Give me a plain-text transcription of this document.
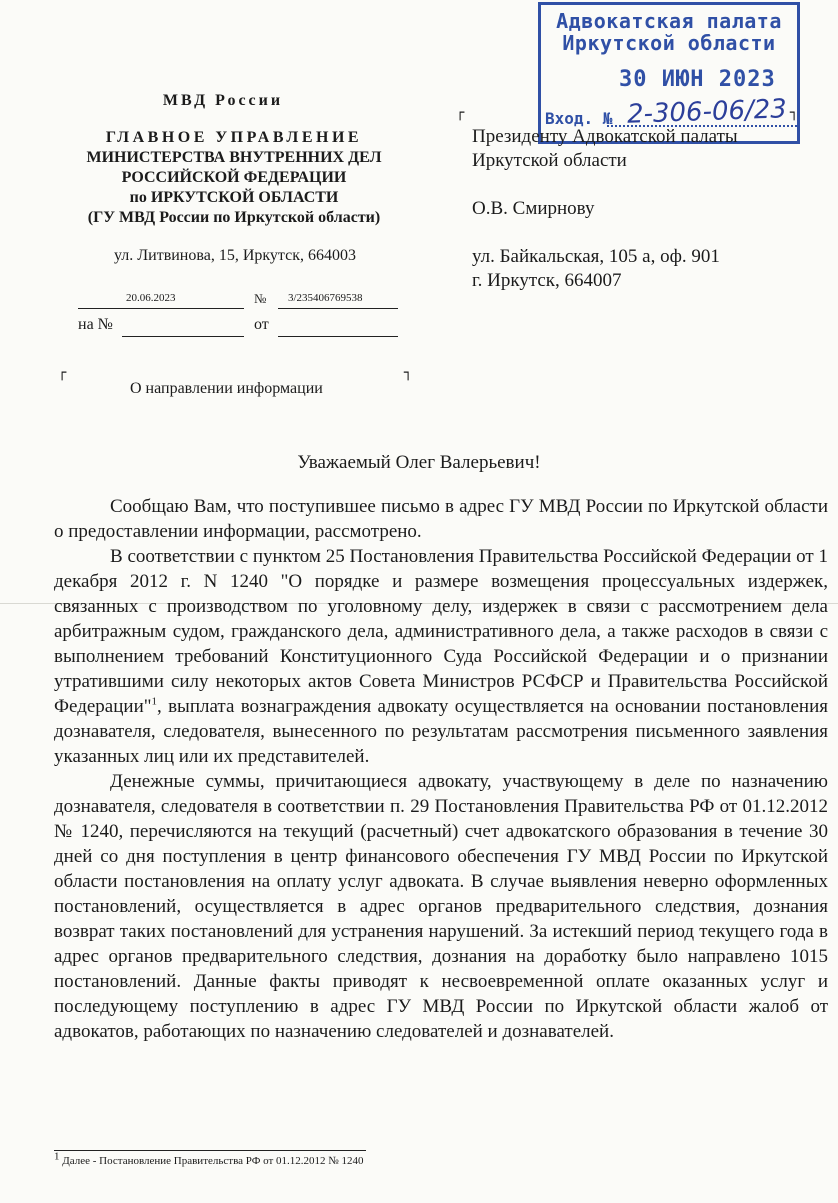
Адвокатская палата
Иркутской области
30 ИЮН 2023
Вход. № 2-306-06/23
МВД России
ГЛАВНОЕ УПРАВЛЕНИЕ
МИНИСТЕРСТВА ВНУТРЕННИХ ДЕЛ
РОССИЙСКОЙ ФЕДЕРАЦИИ
по ИРКУТСКОЙ ОБЛАСТИ
(ГУ МВД России по Иркутской области)
ул. Литвинова, 15, Иркутск, 664003
20.06.2023	№ 3/235406769538
на №	от
┌	┐
О направлении информации
┌	┐
Президенту Адвокатской палаты
Иркутской области
О.В. Смирнову
ул. Байкальская, 105 а, оф. 901
г. Иркутск, 664007
Уважаемый Олег Валерьевич!

Сообщаю Вам, что поступившее письмо в адрес ГУ МВД России по Иркутской области о предоставлении информации, рассмотрено.

В соответствии с пунктом 25 Постановления Правительства Российской Федерации от 1 декабря 2012 г. N 1240 "О порядке и размере возмещения процессуальных издержек, связанных с производством по уголовному делу, издержек в связи с рассмотрением дела арбитражным судом, гражданского дела, административного дела, а также расходов в связи с выполнением требований Конституционного Суда Российской Федерации и о признании утратившими силу некоторых актов Совета Министров РСФСР и Правительства Российской Федерации"$^1$, выплата вознаграждения адвокату осуществляется на основании постановления дознавателя, следователя, вынесенного по результатам рассмотрения письменного заявления указанных лиц или их представителей.

Денежные суммы, причитающиеся адвокату, участвующему в деле по назначению дознавателя, следователя в соответствии п. 29 Постановления Правительства РФ от 01.12.2012 № 1240, перечисляются на текущий (расчетный) счет адвокатского образования в течение 30 дней со дня поступления в центр финансового обеспечения ГУ МВД России по Иркутской области постановления на оплату услуг адвоката. В случае выявления неверно оформленных постановлений, осуществляется в адрес органов предварительного следствия, дознания возврат таких постановлений для устранения нарушений. За истекший период текущего года в адрес органов предварительного следствия, дознания на доработку было направлено 1015 постановлений. Данные факты приводят к несвоевременной оплате оказанных услуг и последующему поступлению в адрес ГУ МВД России по Иркутской области жалоб от адвокатов, работающих по назначению следователей и дознавателей.

$^1$ Далее - Постановление Правительства РФ от 01.12.2012 № 1240
